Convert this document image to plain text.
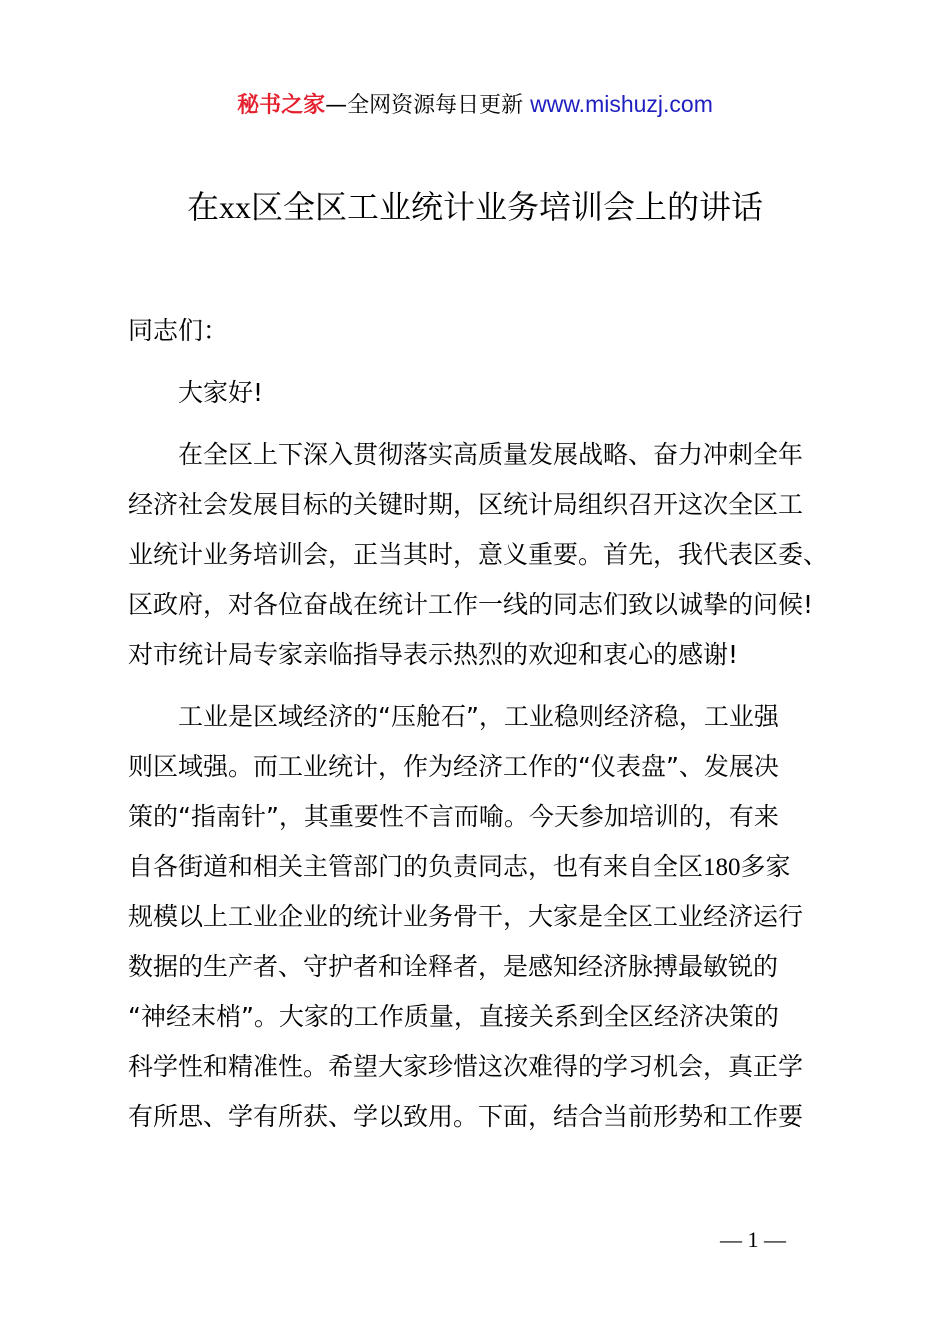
秘书之家—全网资源每日更新 www.mishuzj.com
在xx区全区工业统计业务培训会上的讲话
同志们：
大家好!
在全区上下深入贯彻落实高质量发展战略、奋力冲刺全年
经济社会发展目标的关键时期，区统计局组织召开这次全区工
业统计业务培训会，正当其时，意义重要。首先，我代表区委、
区政府，对各位奋战在统计工作一线的同志们致以诚挚的问候!
对市统计局专家亲临指导表示热烈的欢迎和衷心的感谢!
工业是区域经济的“压舱石”，工业稳则经济稳，工业强
则区域强。而工业统计，作为经济工作的“仪表盘”、发展决
策的“指南针”，其重要性不言而喻。今天参加培训的，有来
自各街道和相关主管部门的负责同志，也有来自全区180多家
规模以上工业企业的统计业务骨干，大家是全区工业经济运行
数据的生产者、守护者和诠释者，是感知经济脉搏最敏锐的
“神经末梢”。大家的工作质量，直接关系到全区经济决策的
科学性和精准性。希望大家珍惜这次难得的学习机会，真正学
有所思、学有所获、学以致用。下面，结合当前形势和工作要
— 1 —
